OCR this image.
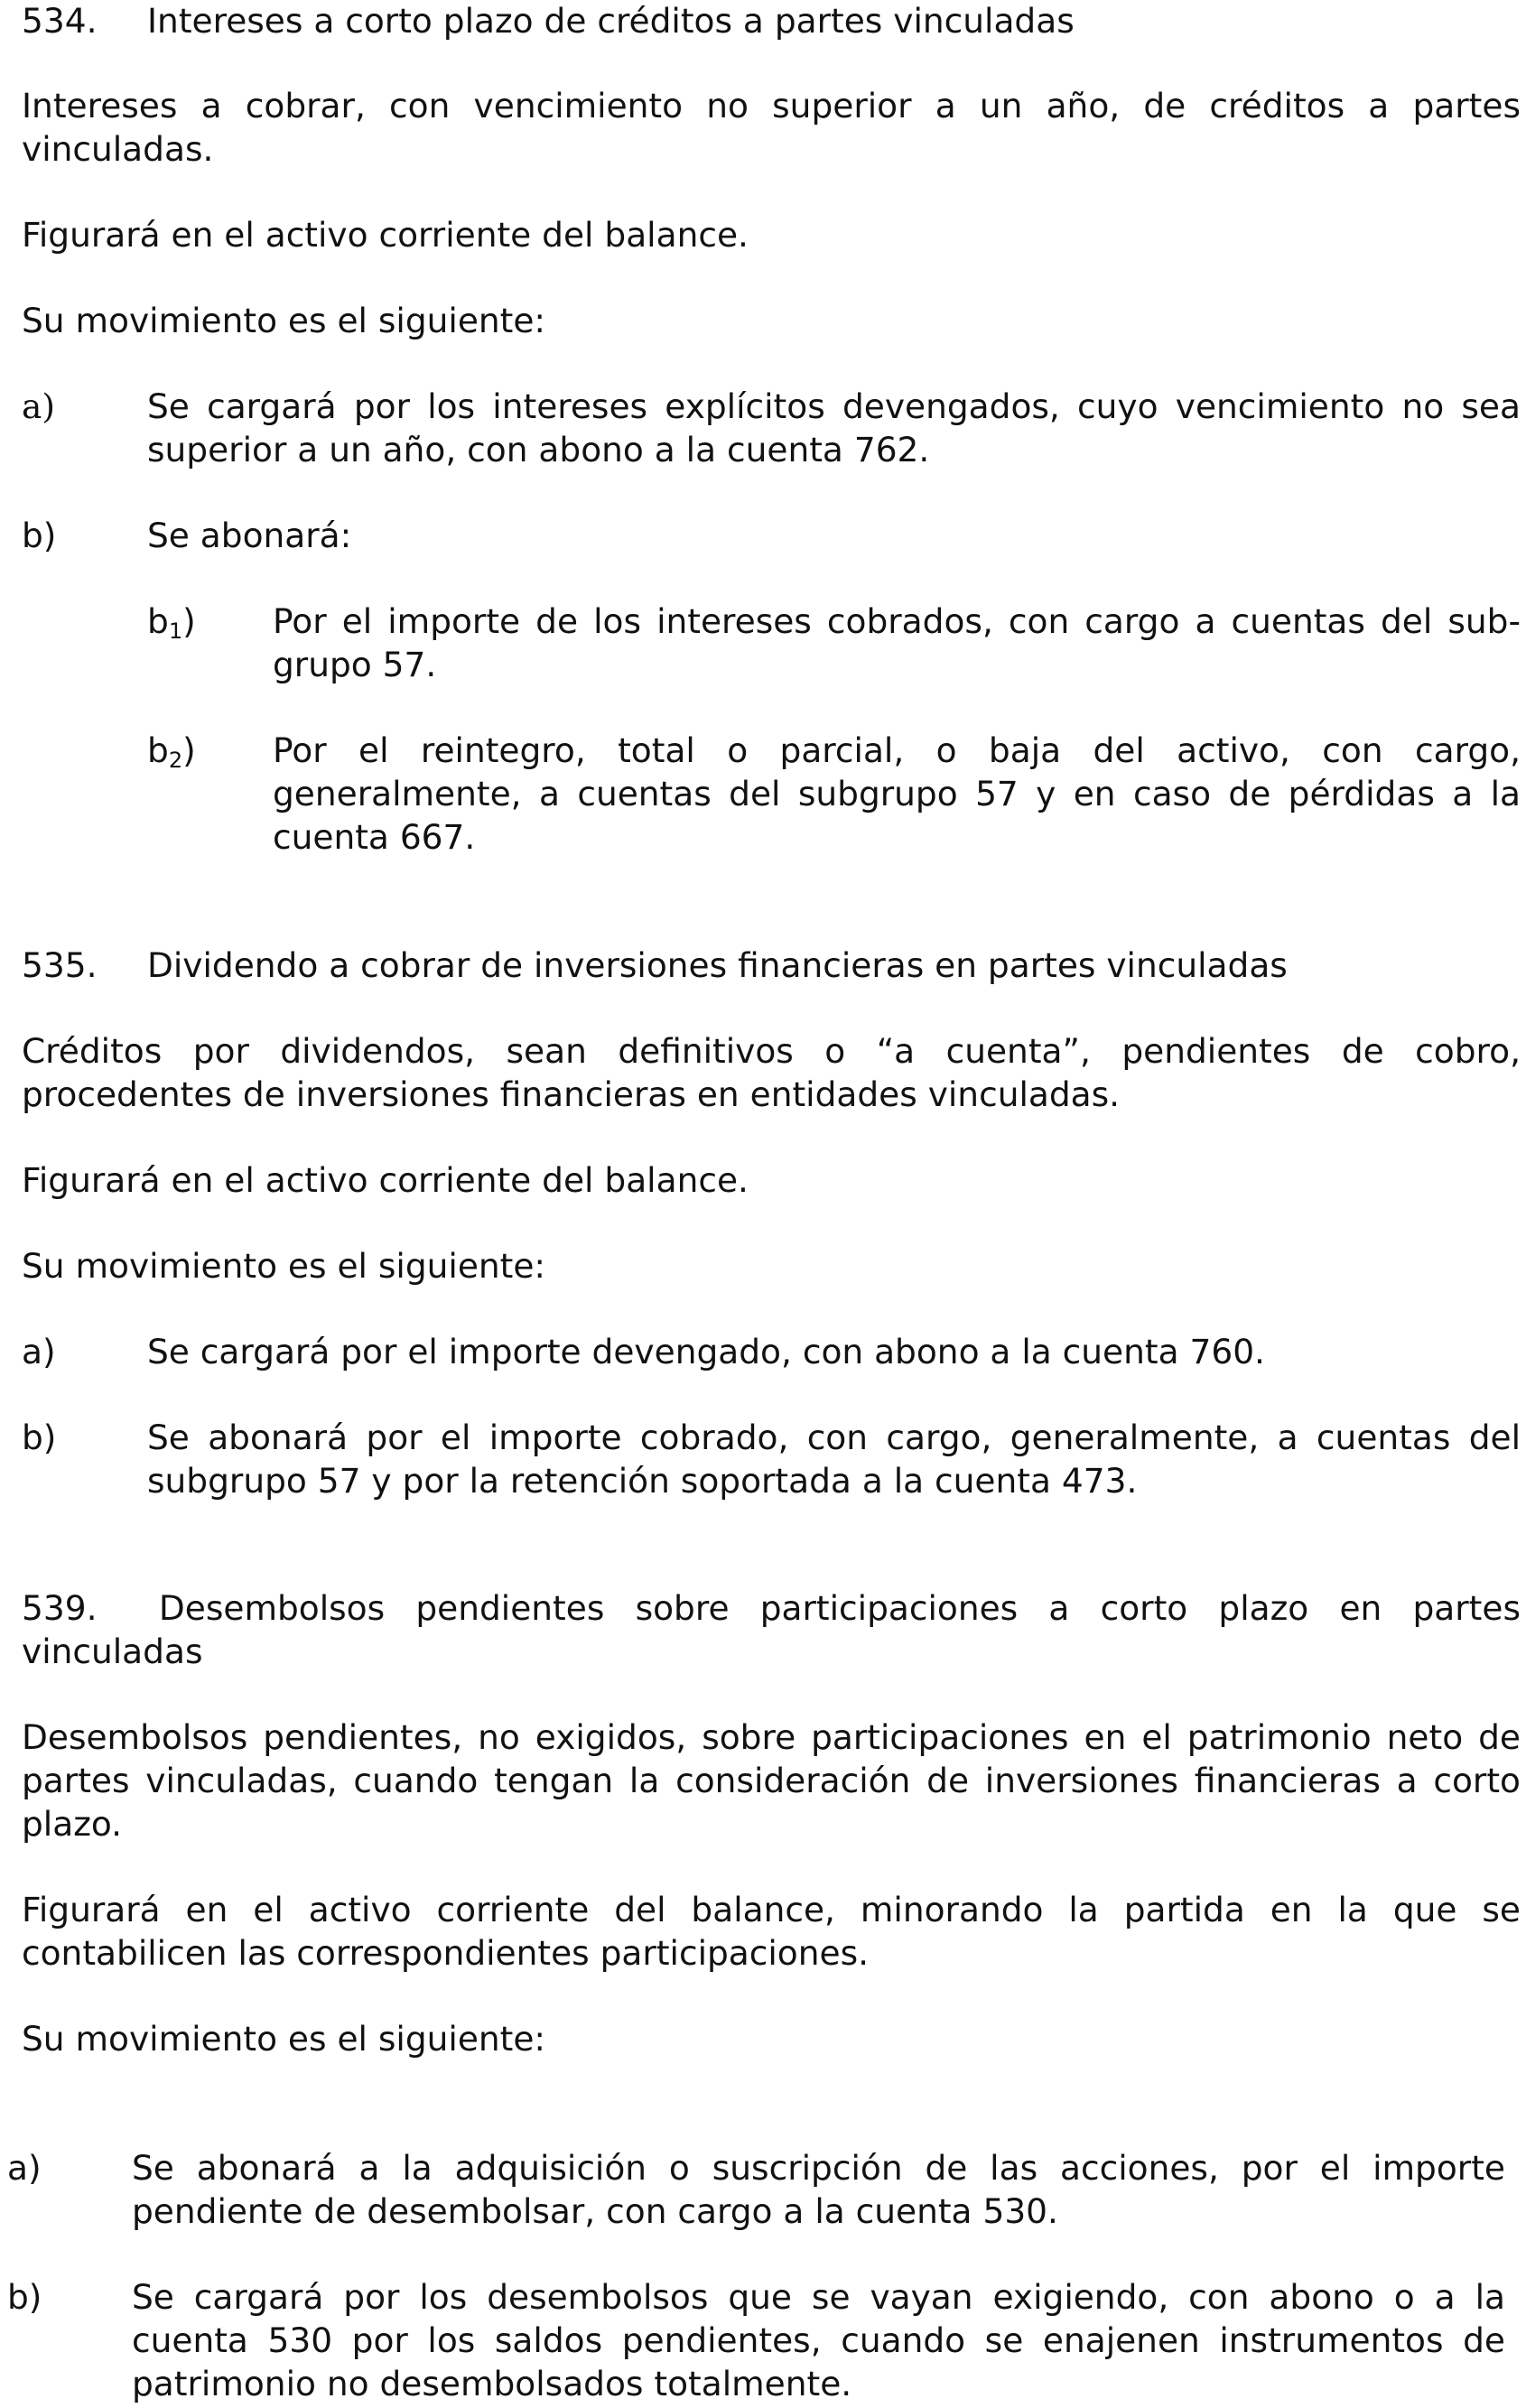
534. Intereses a corto plazo de créditos a partes vinculadas
Intereses a cobrar, con vencimiento no superior a un año, de créditos a partes
vinculadas.
Figurará en el activo corriente del balance.
Su movimiento es el siguiente:
a)	Se cargará por los intereses explícitos devengados, cuyo vencimiento no sea
superior a un año, con abono a la cuenta 762.
b)	Se abonará:
$b_1$) Por el importe de los intereses cobrados, con cargo a cuentas del sub-
grupo 57.
$b_2$) Por el reintegro, total o parcial, o baja del activo, con cargo,
generalmente, a cuentas del subgrupo 57 y en caso de pérdidas a la
cuenta 667.
535. Dividendo a cobrar de inversiones financieras en partes vinculadas
Créditos por dividendos, sean definitivos o “a cuenta”, pendientes de cobro,
procedentes de inversiones financieras en entidades vinculadas.
Figurará en el activo corriente del balance.
Su movimiento es el siguiente:
a)	Se cargará por el importe devengado, con abono a la cuenta 760.
b)	Se abonará por el importe cobrado, con cargo, generalmente, a cuentas del
subgrupo 57 y por la retención soportada a la cuenta 473.
539.  Desembolsos pendientes sobre participaciones a corto plazo en partes
vinculadas
Desembolsos pendientes, no exigidos, sobre participaciones en el patrimonio neto de
partes vinculadas, cuando tengan la consideración de inversiones financieras a corto
plazo.
Figurará en el activo corriente del balance, minorando la partida en la que se
contabilicen las correspondientes participaciones.
Su movimiento es el siguiente:
a)	Se abonará a la adquisición o suscripción de las acciones, por el importe
pendiente de desembolsar, con cargo a la cuenta 530.
b)	Se cargará por los desembolsos que se vayan exigiendo, con abono o a la
cuenta 530 por los saldos pendientes, cuando se enajenen instrumentos de
patrimonio no desembolsados totalmente.
